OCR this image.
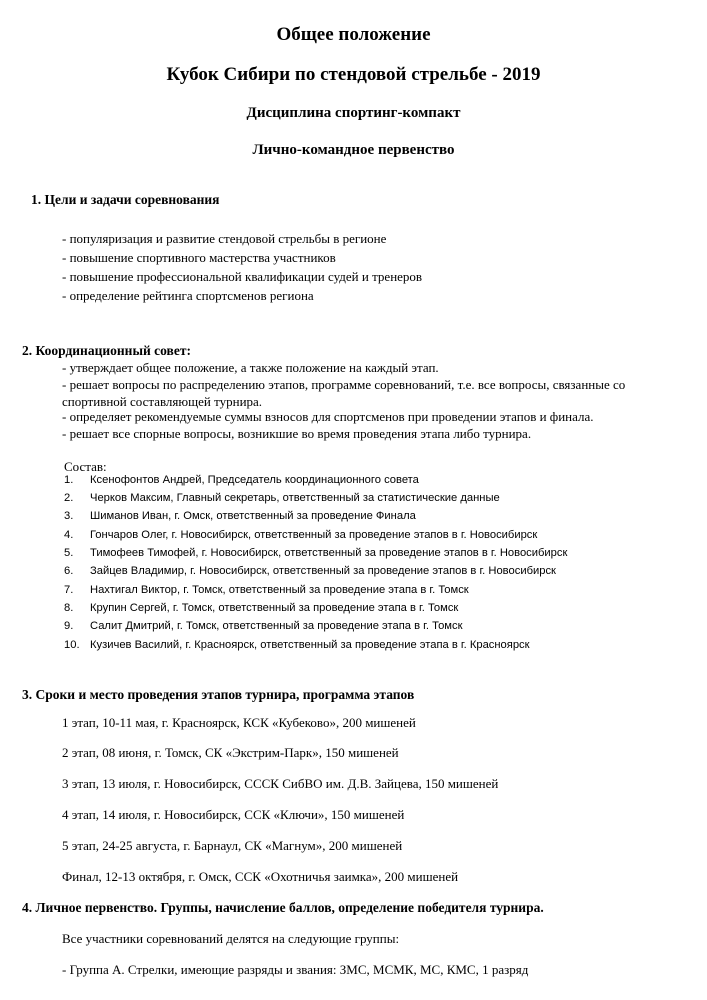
Общее положение
Кубок Сибири по стендовой стрельбе - 2019
Дисциплина спортинг-компакт
Лично-командное первенство
1. Цели и задачи соревнования
- популяризация и развитие стендовой стрельбы в регионе
- повышение спортивного мастерства участников
- повышение профессиональной квалификации судей и тренеров
- определение рейтинга спортсменов региона
2. Координационный совет:
- утверждает общее положение, а также положение на каждый этап.
- решает вопросы по распределению этапов, программе соревнований, т.е. все вопросы, связанные со
спортивной составляющей турнира.
- определяет рекомендуемые суммы взносов для спортсменов при проведении этапов и финала.
- решает все спорные вопросы, возникшие во время проведения этапа либо турнира.
Состав:
1. Ксенофонтов Андрей, Председатель координационного совета
2. Черков Максим, Главный секретарь, ответственный за статистические данные
3. Шиманов Иван, г. Омск, ответственный за проведение Финала
4. Гончаров Олег, г. Новосибирск, ответственный за проведение этапов в г. Новосибирск
5. Тимофеев Тимофей, г. Новосибирск, ответственный за проведение этапов в г. Новосибирск
6. Зайцев Владимир, г. Новосибирск, ответственный за проведение этапов в г. Новосибирск
7. Нахтигал Виктор, г. Томск, ответственный за проведение этапа в г. Томск
8. Крупин Сергей, г. Томск, ответственный за проведение этапа в г. Томск
9. Салит Дмитрий, г. Томск, ответственный за проведение этапа в г. Томск
10. Кузичев Василий, г. Красноярск, ответственный за проведение этапа в г. Красноярск
3. Сроки и место проведения этапов турнира, программа этапов
1 этап, 10-11 мая, г. Красноярск, КСК «Кубеково», 200 мишеней
2 этап, 08 июня, г. Томск, СК «Экстрим-Парк», 150 мишеней
3 этап, 13 июля, г. Новосибирск, СССК СибВО им. Д.В. Зайцева, 150 мишеней
4 этап, 14 июля, г. Новосибирск, ССК «Ключи», 150 мишеней
5 этап, 24-25 августа, г. Барнаул, СК «Магнум», 200 мишеней
Финал, 12-13 октября, г. Омск, ССК «Охотничья заимка», 200 мишеней
4. Личное первенство. Группы, начисление баллов, определение победителя турнира.
Все участники соревнований делятся на следующие группы:
- Группа А. Стрелки, имеющие разряды и звания: ЗМС, МСМК, МС, КМС, 1 разряд
